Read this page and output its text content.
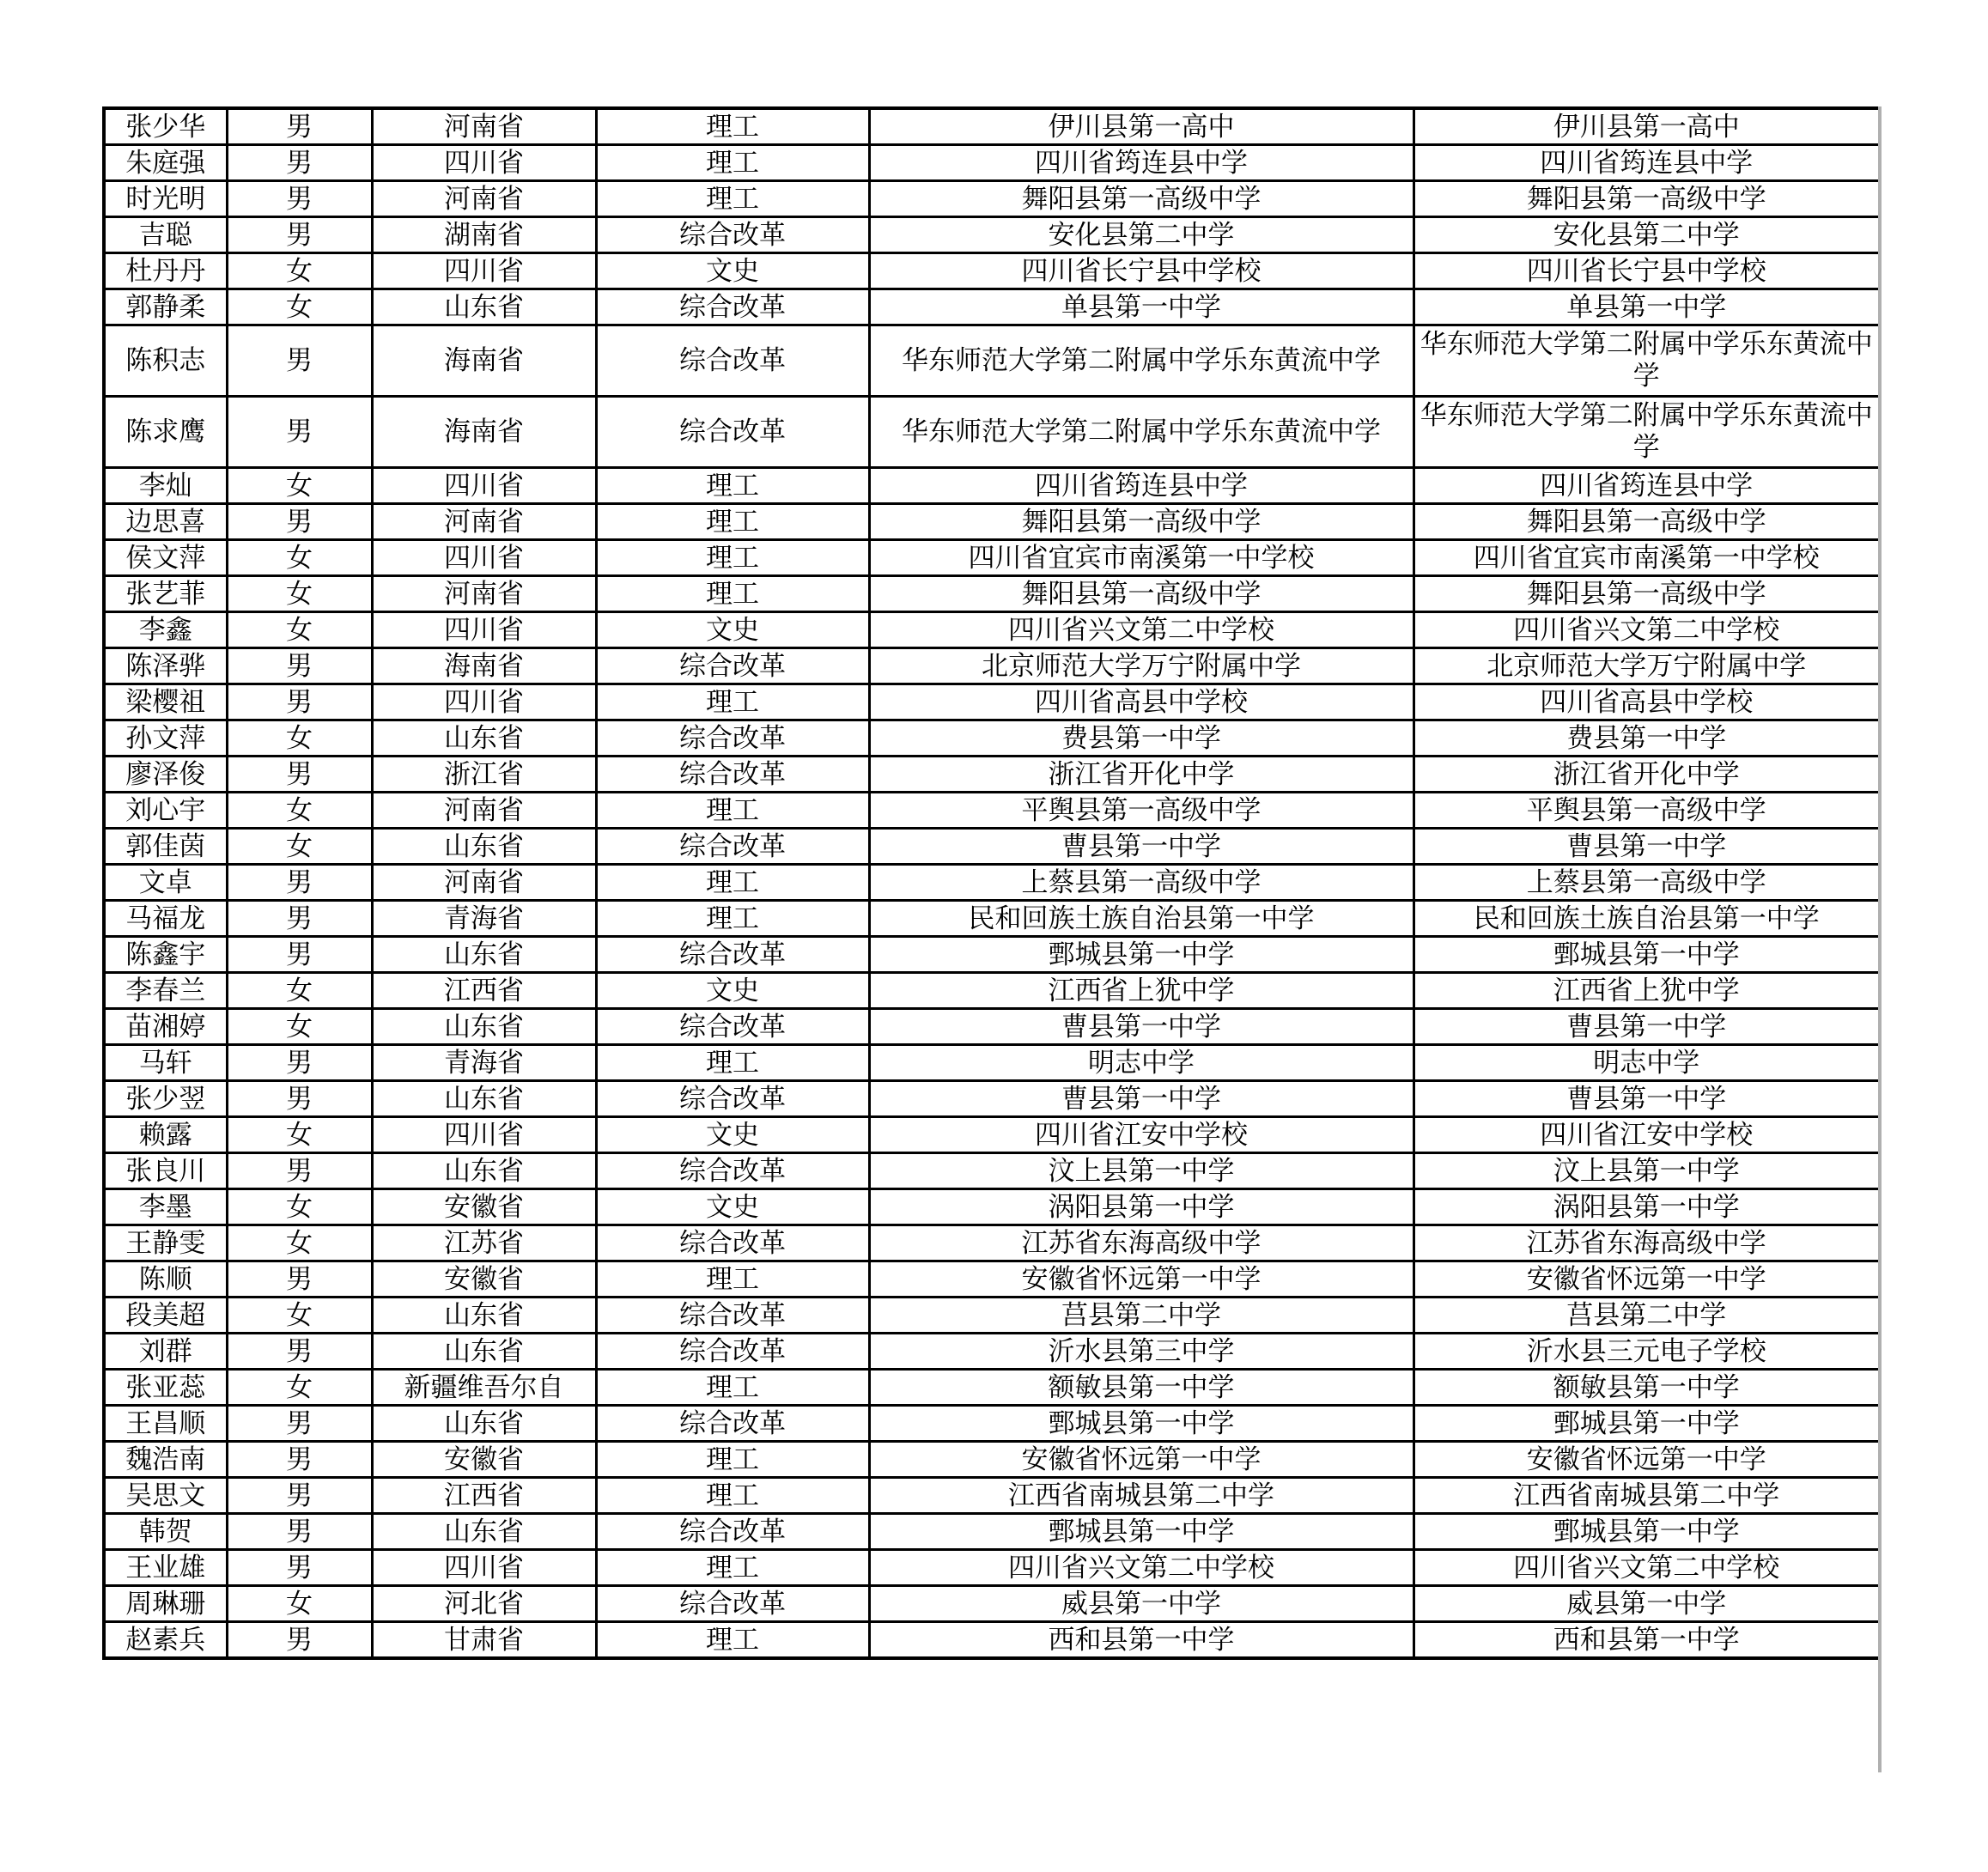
张少华	男	河南省	理工	伊川县第一高中	伊川县第一高中
朱庭强	男	四川省	理工	四川省筠连县中学	四川省筠连县中学
时光明	男	河南省	理工	舞阳县第一高级中学	舞阳县第一高级中学
吉聪	男	湖南省	综合改革	安化县第二中学	安化县第二中学
杜丹丹	女	四川省	文史	四川省长宁县中学校	四川省长宁县中学校
郭静柔	女	山东省	综合改革	单县第一中学	单县第一中学
陈积志	男	海南省	综合改革	华东师范大学第二附属中学乐东黄流中学	华东师范大学第二附属中学乐东黄流中学
陈求鹰	男	海南省	综合改革	华东师范大学第二附属中学乐东黄流中学	华东师范大学第二附属中学乐东黄流中学
李灿	女	四川省	理工	四川省筠连县中学	四川省筠连县中学
边思喜	男	河南省	理工	舞阳县第一高级中学	舞阳县第一高级中学
侯文萍	女	四川省	理工	四川省宜宾市南溪第一中学校	四川省宜宾市南溪第一中学校
张艺菲	女	河南省	理工	舞阳县第一高级中学	舞阳县第一高级中学
李鑫	女	四川省	文史	四川省兴文第二中学校	四川省兴文第二中学校
陈泽骅	男	海南省	综合改革	北京师范大学万宁附属中学	北京师范大学万宁附属中学
梁樱祖	男	四川省	理工	四川省高县中学校	四川省高县中学校
孙文萍	女	山东省	综合改革	费县第一中学	费县第一中学
廖泽俊	男	浙江省	综合改革	浙江省开化中学	浙江省开化中学
刘心宇	女	河南省	理工	平舆县第一高级中学	平舆县第一高级中学
郭佳茵	女	山东省	综合改革	曹县第一中学	曹县第一中学
文卓	男	河南省	理工	上蔡县第一高级中学	上蔡县第一高级中学
马福龙	男	青海省	理工	民和回族土族自治县第一中学	民和回族土族自治县第一中学
陈鑫宇	男	山东省	综合改革	鄄城县第一中学	鄄城县第一中学
李春兰	女	江西省	文史	江西省上犹中学	江西省上犹中学
苗湘婷	女	山东省	综合改革	曹县第一中学	曹县第一中学
马轩	男	青海省	理工	明志中学	明志中学
张少翌	男	山东省	综合改革	曹县第一中学	曹县第一中学
赖露	女	四川省	文史	四川省江安中学校	四川省江安中学校
张良川	男	山东省	综合改革	汶上县第一中学	汶上县第一中学
李墨	女	安徽省	文史	涡阳县第一中学	涡阳县第一中学
王静雯	女	江苏省	综合改革	江苏省东海高级中学	江苏省东海高级中学
陈顺	男	安徽省	理工	安徽省怀远第一中学	安徽省怀远第一中学
段美超	女	山东省	综合改革	莒县第二中学	莒县第二中学
刘群	男	山东省	综合改革	沂水县第三中学	沂水县三元电子学校
张亚蕊	女	新疆维吾尔自	理工	额敏县第一中学	额敏县第一中学
王昌顺	男	山东省	综合改革	鄄城县第一中学	鄄城县第一中学
魏浩南	男	安徽省	理工	安徽省怀远第一中学	安徽省怀远第一中学
吴思文	男	江西省	理工	江西省南城县第二中学	江西省南城县第二中学
韩贺	男	山东省	综合改革	鄄城县第一中学	鄄城县第一中学
王业雄	男	四川省	理工	四川省兴文第二中学校	四川省兴文第二中学校
周琳珊	女	河北省	综合改革	威县第一中学	威县第一中学
赵素兵	男	甘肃省	理工	西和县第一中学	西和县第一中学
